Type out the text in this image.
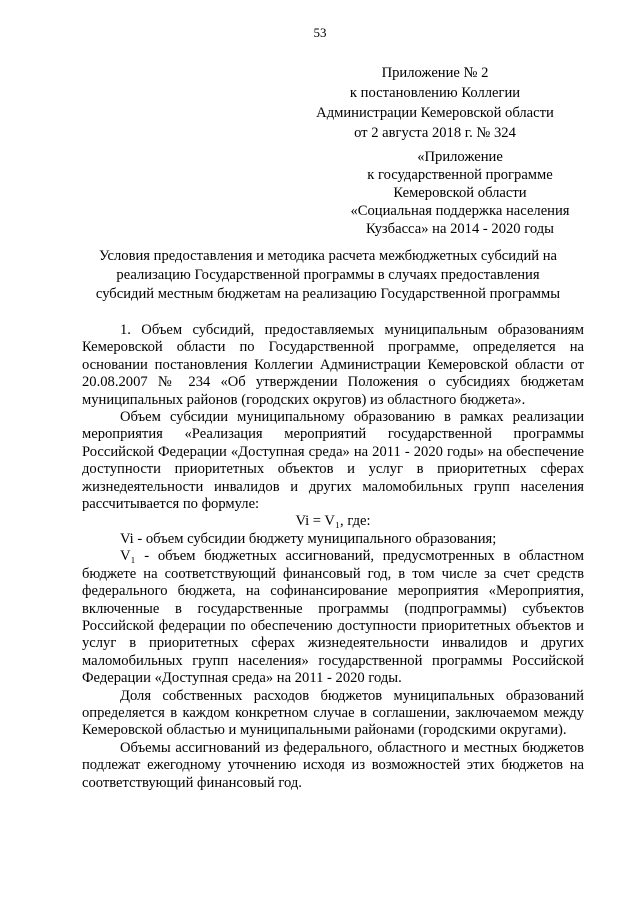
53
Приложение № 2
к постановлению Коллегии
Администрации Кемеровской области
от 2 августа 2018 г. № 324
«Приложение
к государственной программе
Кемеровской области
«Социальная поддержка населения
Кузбасса» на 2014 - 2020 годы
Условия предоставления и методика расчета межбюджетных субсидий на
реализацию Государственной программы в случаях предоставления
субсидий местным бюджетам на реализацию Государственной программы

1. Объем субсидий, предоставляемых муниципальным образованиям Кемеровской области по Государственной программе, определяется на основании постановления Коллегии Администрации Кемеровской области от 20.08.2007 № 234 «Об утверждении Положения о субсидиях бюджетам муниципальных районов (городских округов) из областного бюджета».

Объем субсидии муниципальному образованию в рамках реализации мероприятия «Реализация мероприятий государственной программы Российской Федерации «Доступная среда» на 2011 - 2020 годы» на обеспечение доступности приоритетных объектов и услуг в приоритетных сферах жизнедеятельности инвалидов и других маломобильных групп населения рассчитывается по формуле:

Vi = V₁, где:

Vi - объем субсидии бюджету муниципального образования;

V₁ - объем бюджетных ассигнований, предусмотренных в областном бюджете на соответствующий финансовый год, в том числе за счет средств федерального бюджета, на софинансирование мероприятия «Мероприятия, включенные в государственные программы (подпрограммы) субъектов Российской федерации по обеспечению доступности приоритетных объектов и услуг в приоритетных сферах жизнедеятельности инвалидов и других маломобильных групп населения» государственной программы Российской Федерации «Доступная среда» на 2011 - 2020 годы.

Доля собственных расходов бюджетов муниципальных образований определяется в каждом конкретном случае в соглашении, заключаемом между Кемеровской областью и муниципальными районами (городскими округами).

Объемы ассигнований из федерального, областного и местных бюджетов подлежат ежегодному уточнению исходя из возможностей этих бюджетов на соответствующий финансовый год.
